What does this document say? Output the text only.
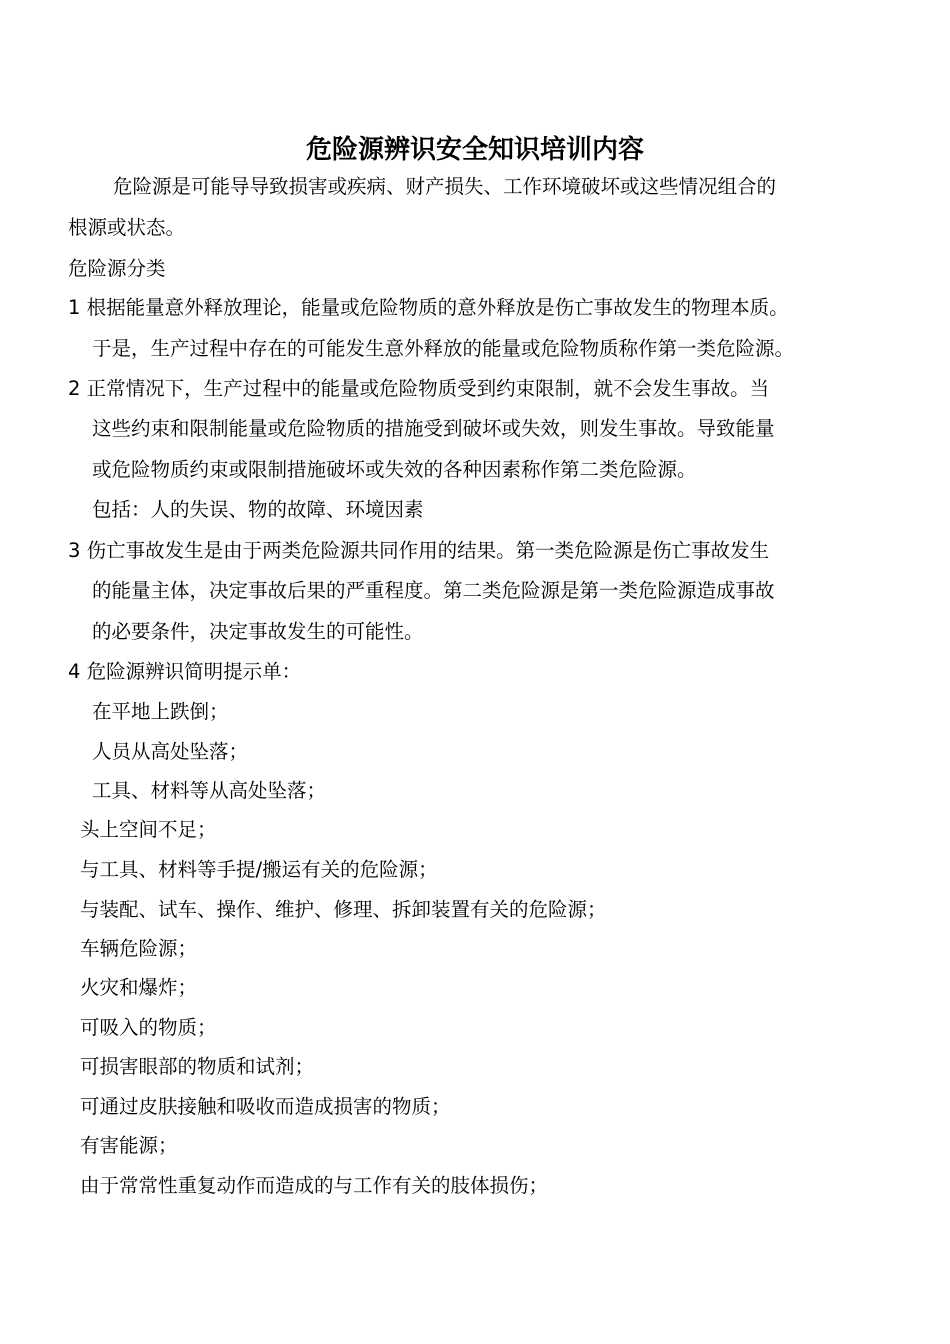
危险源辨识安全知识培训内容
危险源是可能导导致损害或疾病、财产损失、工作环境破坏或这些情况组合的
根源或状态。
危险源分类
1 根据能量意外释放理论，能量或危险物质的意外释放是伤亡事故发生的物理本质。
于是，生产过程中存在的可能发生意外释放的能量或危险物质称作第一类危险源。
2 正常情况下，生产过程中的能量或危险物质受到约束限制，就不会发生事故。当
这些约束和限制能量或危险物质的措施受到破坏或失效，则发生事故。导致能量
或危险物质约束或限制措施破坏或失效的各种因素称作第二类危险源。
包括：人的失误、物的故障、环境因素
3 伤亡事故发生是由于两类危险源共同作用的结果。第一类危险源是伤亡事故发生
的能量主体，决定事故后果的严重程度。第二类危险源是第一类危险源造成事故
的必要条件，决定事故发生的可能性。
4 危险源辨识简明提示单：
在平地上跌倒；
人员从高处坠落；
工具、材料等从高处坠落；
头上空间不足；
与工具、材料等手提/搬运有关的危险源；
与装配、试车、操作、维护、修理、拆卸装置有关的危险源；
车辆危险源；
火灾和爆炸；
可吸入的物质；
可损害眼部的物质和试剂；
可通过皮肤接触和吸收而造成损害的物质；
有害能源；
由于常常性重复动作而造成的与工作有关的肢体损伤；
